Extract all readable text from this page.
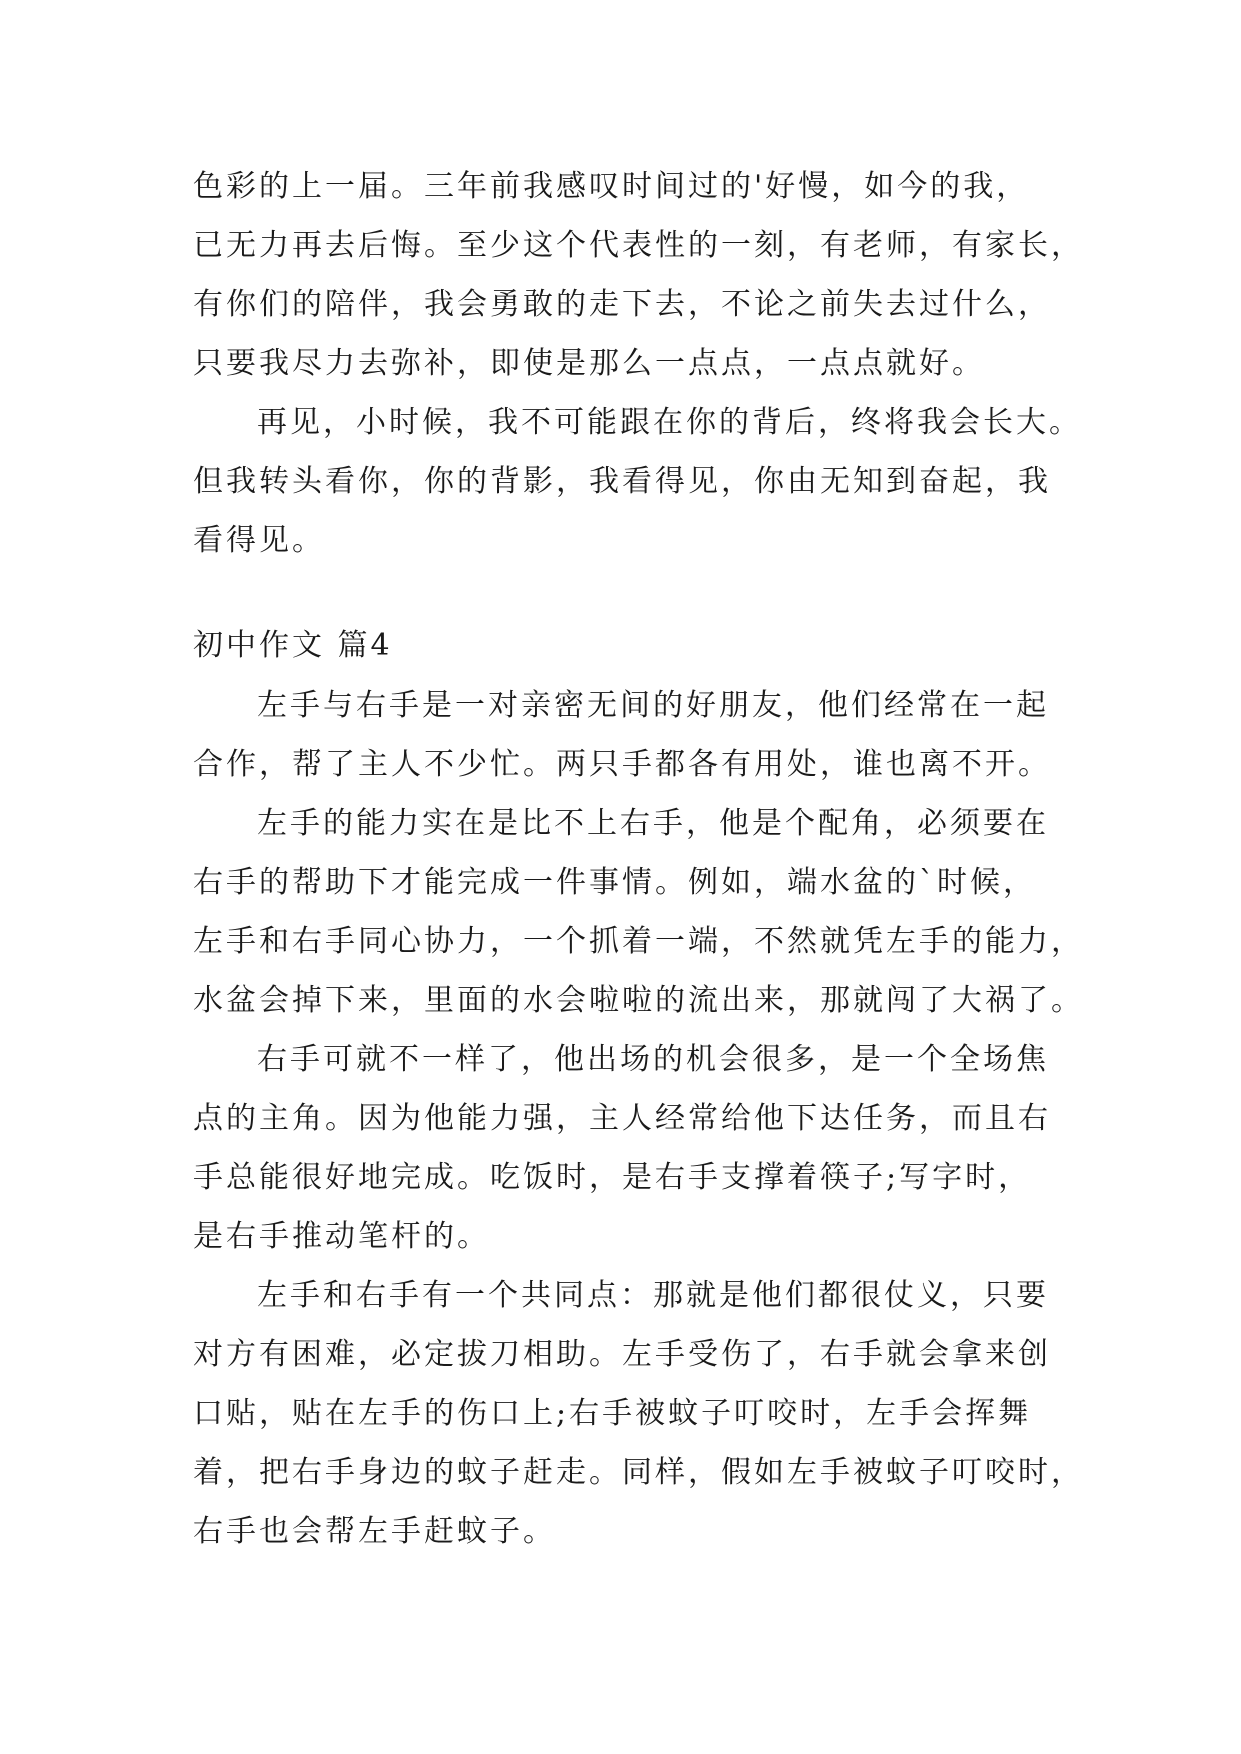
色彩的上一届。三年前我感叹时间过的'好慢，如今的我，
已无力再去后悔。至少这个代表性的一刻，有老师，有家长，
有你们的陪伴，我会勇敢的走下去，不论之前失去过什么，
只要我尽力去弥补，即使是那么一点点，一点点就好。
再见，小时候，我不可能跟在你的背后，终将我会长大。
但我转头看你，你的背影，我看得见，你由无知到奋起，我
看得见。
初中作文 篇4
左手与右手是一对亲密无间的好朋友，他们经常在一起
合作，帮了主人不少忙。两只手都各有用处，谁也离不开。
左手的能力实在是比不上右手，他是个配角，必须要在
右手的帮助下才能完成一件事情。例如，端水盆的`时候，
左手和右手同心协力，一个抓着一端，不然就凭左手的能力，
水盆会掉下来，里面的水会啦啦的流出来，那就闯了大祸了。
右手可就不一样了，他出场的机会很多，是一个全场焦
点的主角。因为他能力强，主人经常给他下达任务，而且右
手总能很好地完成。吃饭时，是右手支撑着筷子;写字时，
是右手推动笔杆的。
左手和右手有一个共同点：那就是他们都很仗义，只要
对方有困难，必定拔刀相助。左手受伤了，右手就会拿来创
口贴，贴在左手的伤口上;右手被蚊子叮咬时，左手会挥舞
着，把右手身边的蚊子赶走。同样，假如左手被蚊子叮咬时，
右手也会帮左手赶蚊子。
